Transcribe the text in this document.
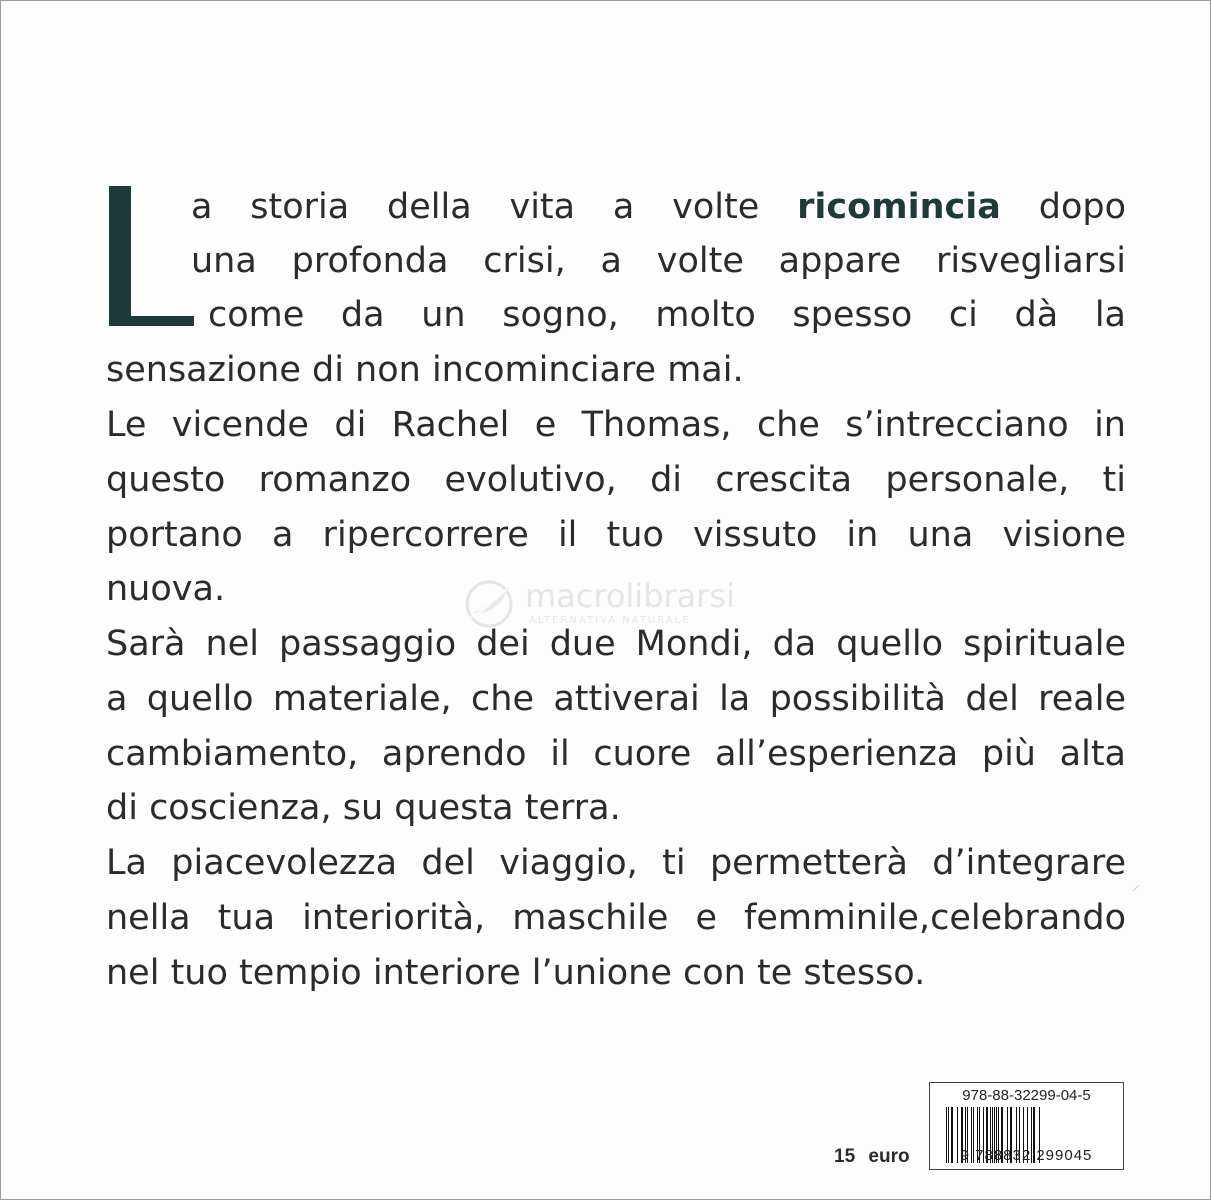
a storia della vita a volte ricomincia dopo

una profonda crisi, a volte appare risvegliarsi

come da un sogno, molto spesso ci dà la

sensazione di non incominciare mai.

Le vicende di Rachel e Thomas, che s’intrecciano in

questo romanzo evolutivo, di crescita personale, ti

portano a ripercorrere il tuo vissuto in una visione

nuova.

Sarà nel passaggio dei due Mondi, da quello spirituale

a quello materiale, che attiverai la possibilità del reale

cambiamento, aprendo il cuore all’esperienza più alta

di coscienza, su questa terra.

La piacevolezza del viaggio, ti permetterà d’integrare

nella tua interiorità, maschile e femminile,celebrando

nel tuo tempio interiore l’unione con te stesso.

macrolibrarsi
ALTERNATIVA NATURALE
15 euro
978-88-32299-04-5
9 788832 299045
